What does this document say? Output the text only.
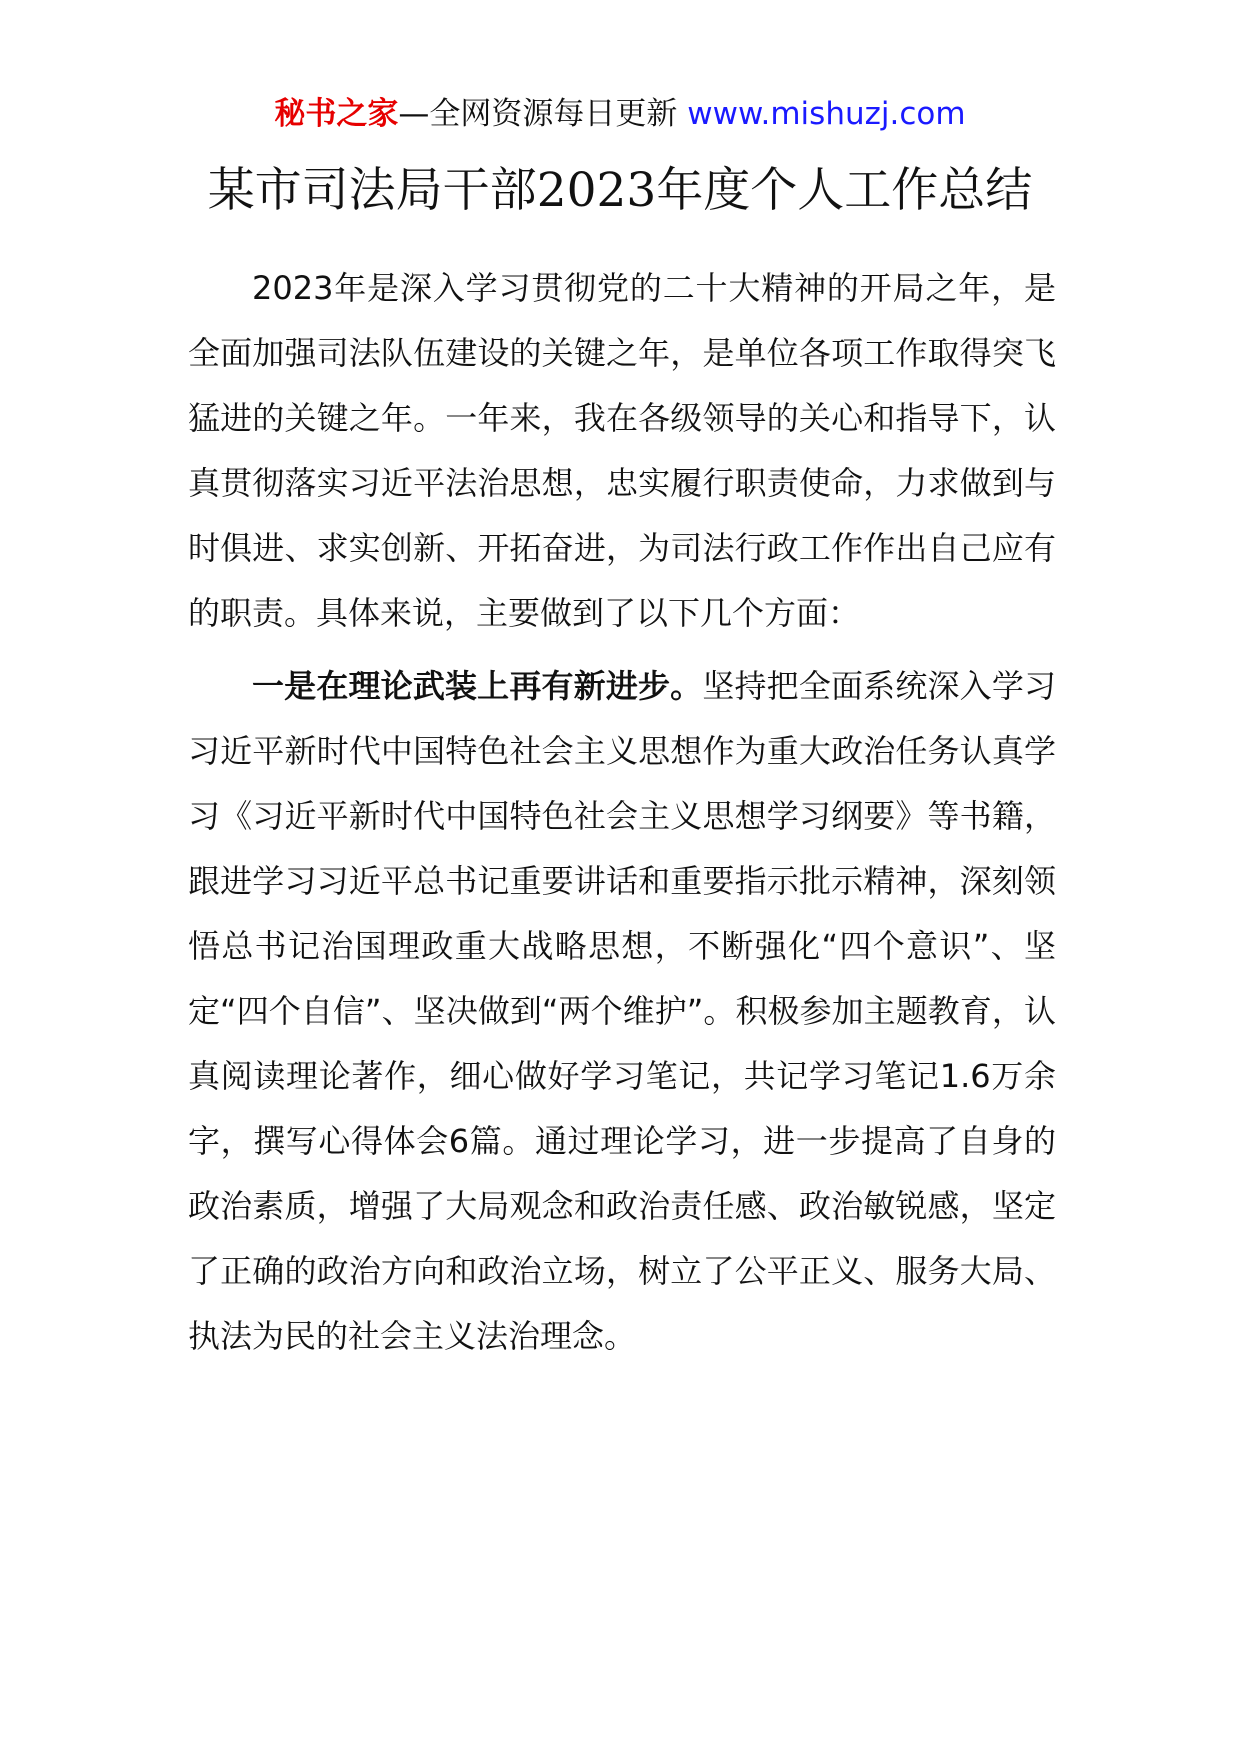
秘书之家—全网资源每日更新 www.mishuzj.com
某市司法局干部2023年度个人工作总结

2023年是深入学习贯彻党的二十大精神的开局之年，是全面加强司法队伍建设的关键之年，是单位各项工作取得突飞猛进的关键之年。一年来，我在各级领导的关心和指导下，认真贯彻落实习近平法治思想，忠实履行职责使命，力求做到与时俱进、求实创新、开拓奋进，为司法行政工作作出自己应有的职责。具体来说，主要做到了以下几个方面：

一是在理论武装上再有新进步。坚持把全面系统深入学习习近平新时代中国特色社会主义思想作为重大政治任务认真学习《习近平新时代中国特色社会主义思想学习纲要》等书籍，跟进学习习近平总书记重要讲话和重要指示批示精神，深刻领悟总书记治国理政重大战略思想，不断强化“四个意识”、坚定“四个自信”、坚决做到“两个维护”。积极参加主题教育，认真阅读理论著作，细心做好学习笔记，共记学习笔记1.6万余字，撰写心得体会6篇。通过理论学习，进一步提高了自身的政治素质，增强了大局观念和政治责任感、政治敏锐感，坚定了正确的政治方向和政治立场，树立了公平正义、服务大局、执法为民的社会主义法治理念。
